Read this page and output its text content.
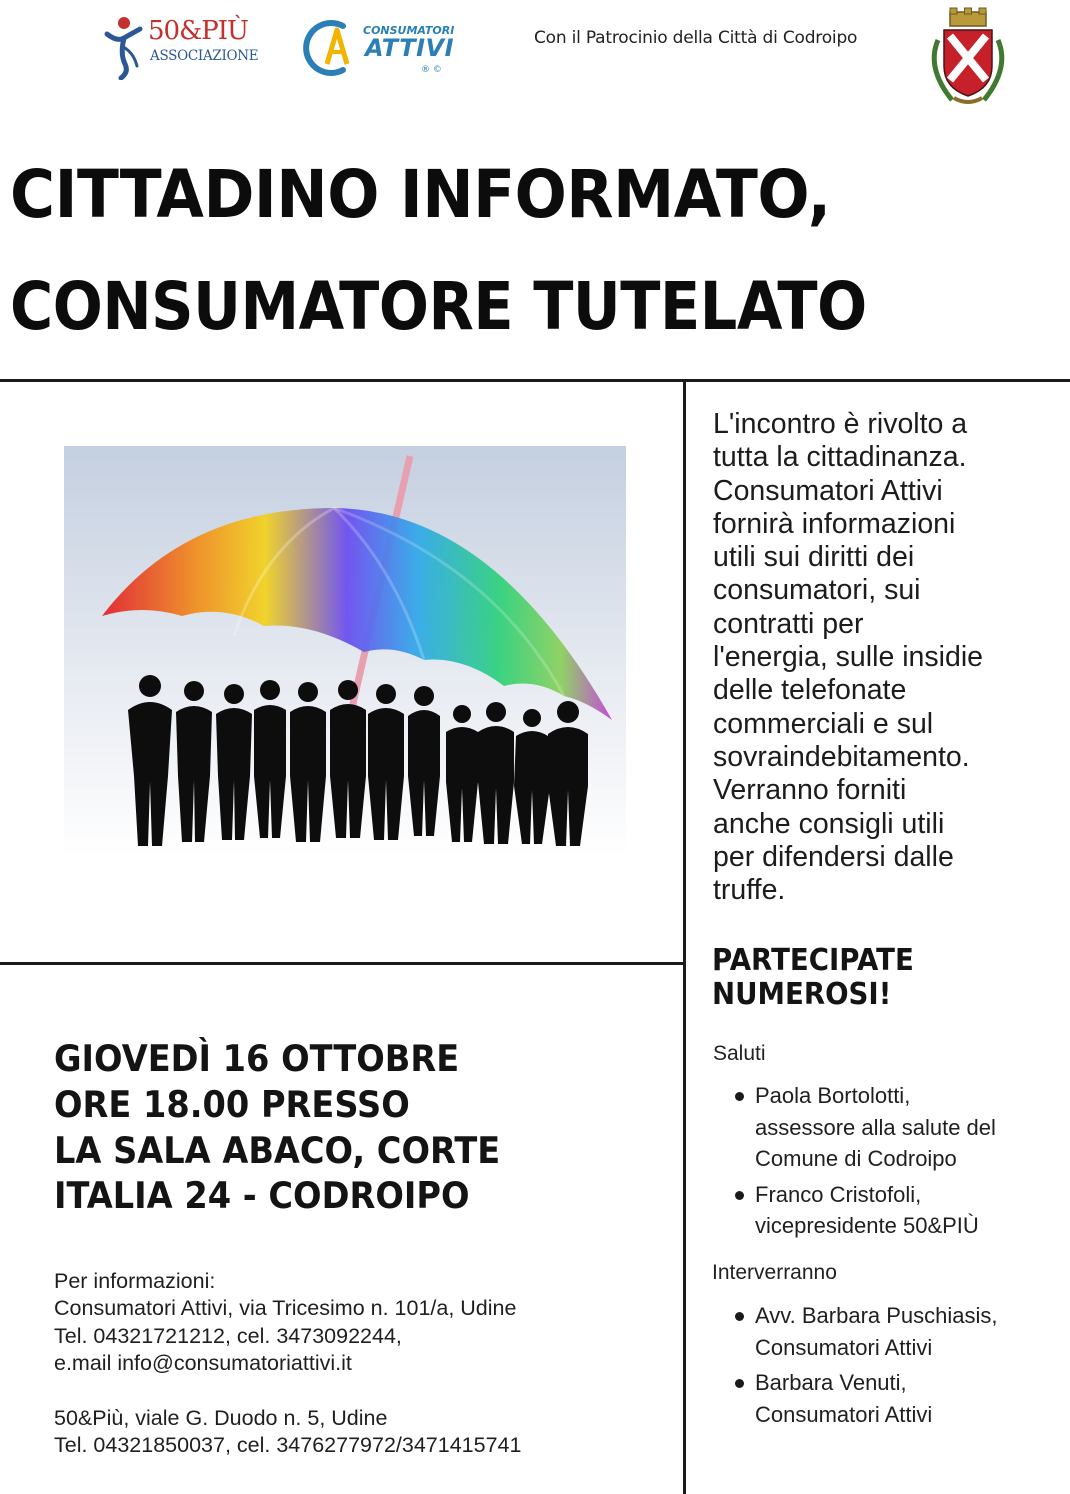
50&PIÙ
ASSOCIAZIONE
CONSUMATORI
ATTIVI
® ©
Con il Patrocinio della Città di Codroipo
CITTADINO INFORMATO,
CONSUMATORE TUTELATO
L'incontro è rivolto a
tutta la cittadinanza.
Consumatori Attivi
fornirà informazioni
utili sui diritti dei
consumatori, sui
contratti per
l'energia, sulle insidie
delle telefonate
commerciali e sul
sovraindebitamento.
Verranno forniti
anche consigli utili
per difendersi dalle
truffe.
PARTECIPATE
NUMEROSI!
Saluti
Paola Bortolotti,
assessore alla salute del
Comune di Codroipo
Franco Cristofoli,
vicepresidente 50&PIÙ
Interverranno
Avv. Barbara Puschiasis,
Consumatori Attivi
Barbara Venuti,
Consumatori Attivi
GIOVEDÌ 16 OTTOBRE
ORE 18.00 PRESSO
LA SALA ABACO, CORTE
ITALIA 24 - CODROIPO
Per informazioni:
Consumatori Attivi, via Tricesimo n. 101/a, Udine
Tel. 04321721212, cel. 3473092244,
e.mail info@consumatoriattivi.it
50&Più, viale G. Duodo n. 5, Udine
Tel. 04321850037, cel. 3476277972/3471415741
